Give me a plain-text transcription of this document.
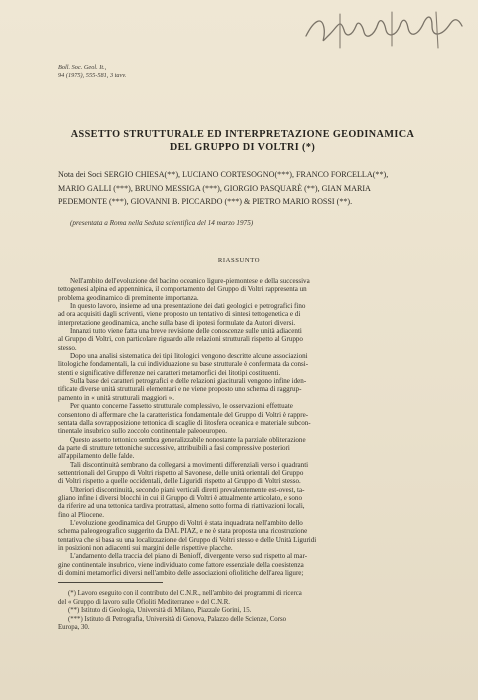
Boll. Soc. Geol. It.,
94 (1975), 555-581, 3 tavv.
ASSETTO STRUTTURALE ED INTERPRETAZIONE GEODINAMICA
DEL GRUPPO DI VOLTRI (*)
Nota dei Soci SERGIO CHIESA(**), LUCIANO CORTESOGNO(***), FRANCO FORCELLA(**),
MARIO GALLI (***), BRUNO MESSIGA (***), GIORGIO PASQUARÈ (**), GIAN MARIA
PEDEMONTE (***), GIOVANNI B. PICCARDO (***) & PIETRO MARIO ROSSI (**).
(presentata a Roma nella Seduta scientifica del 14 marzo 1975)
RIASSUNTO
Nell'ambito dell'evoluzione del bacino oceanico ligure-piemontese e della successiva
tettogenesi alpina ed appenninica, il comportamento del Gruppo di Voltri rappresenta un
problema geodinamico di preminente importanza.
In questo lavoro, insieme ad una presentazione dei dati geologici e petrografici fino
ad ora acquisiti dagli scriventi, viene proposto un tentativo di sintesi tettogenetica e di
interpretazione geodinamica, anche sulla base di ipotesi formulate da Autori diversi.
Innanzi tutto viene fatta una breve revisione delle conoscenze sulle unità adiacenti
al Gruppo di Voltri, con particolare riguardo alle relazioni strutturali rispetto al Gruppo
stesso.
Dopo una analisi sistematica dei tipi litologici vengono descritte alcune associazioni
litologiche fondamentali, la cui individuazione su base strutturale è confermata da consi-
stenti e significative differenze nei caratteri metamorfici dei litotipi costituenti.
Sulla base dei caratteri petrografici e delle relazioni giaciturali vengono infine iden-
tificate diverse unità strutturali elementari e ne viene proposto uno schema di raggrup-
pamento in « unità strutturali maggiori ».
Per quanto concerne l'assetto strutturale complessivo, le osservazioni effettuate
consentono di affermare che la caratteristica fondamentale del Gruppo di Voltri è rappre-
sentata dalla sovrapposizione tettonica di scaglie di litosfera oceanica e materiale subcon-
tinentale insubrico sullo zoccolo continentale paleoeuropeo.
Questo assetto tettonico sembra generalizzabile nonostante la parziale obliterazione
da parte di strutture tettoniche successive, attribuibili a fasi compressive posteriori
all'appilamento delle falde.
Tali discontinuità sembrano da collegarsi a movimenti differenziali verso i quadranti
settentrionali del Gruppo di Voltri rispetto al Savonese, delle unità orientali del Gruppo
di Voltri rispetto a quelle occidentali, delle Liguridi rispetto al Gruppo di Voltri stesso.
Ulteriori discontinuità, secondo piani verticali diretti prevalentemente est-ovest, ta-
gliano infine i diversi blocchi in cui il Gruppo di Voltri è attualmente articolato, e sono
da riferire ad una tettonica tardiva protrattasi, almeno sotto forma di riattivazioni locali,
fino al Pliocene.
L'evoluzione geodinamica del Gruppo di Voltri è stata inquadrata nell'ambito dello
schema paleogeografico suggerito da DAL PIAZ, e ne è stata proposta una ricostruzione
tentativa che si basa su una localizzazione del Gruppo di Voltri stesso e delle Unità Liguridi
in posizioni non adiacenti sui margini delle rispettive placche.
L'andamento della traccia del piano di Benioff, divergente verso sud rispetto al mar-
gine continentale insubrico, viene individuato come fattore essenziale della coesistenza
di domini metamorfici diversi nell'ambito delle associazioni ofiolitiche dell'area ligure;
(*) Lavoro eseguito con il contributo del C.N.R., nell'ambito dei programmi di ricerca
del « Gruppo di lavoro sulle Ofioliti Mediterranee » del C.N.R.
(**) Istituto di Geologia, Università di Milano, Piazzale Gorini, 15.
(***) Istituto di Petrografia, Università di Genova, Palazzo delle Scienze, Corso
Europa, 30.
